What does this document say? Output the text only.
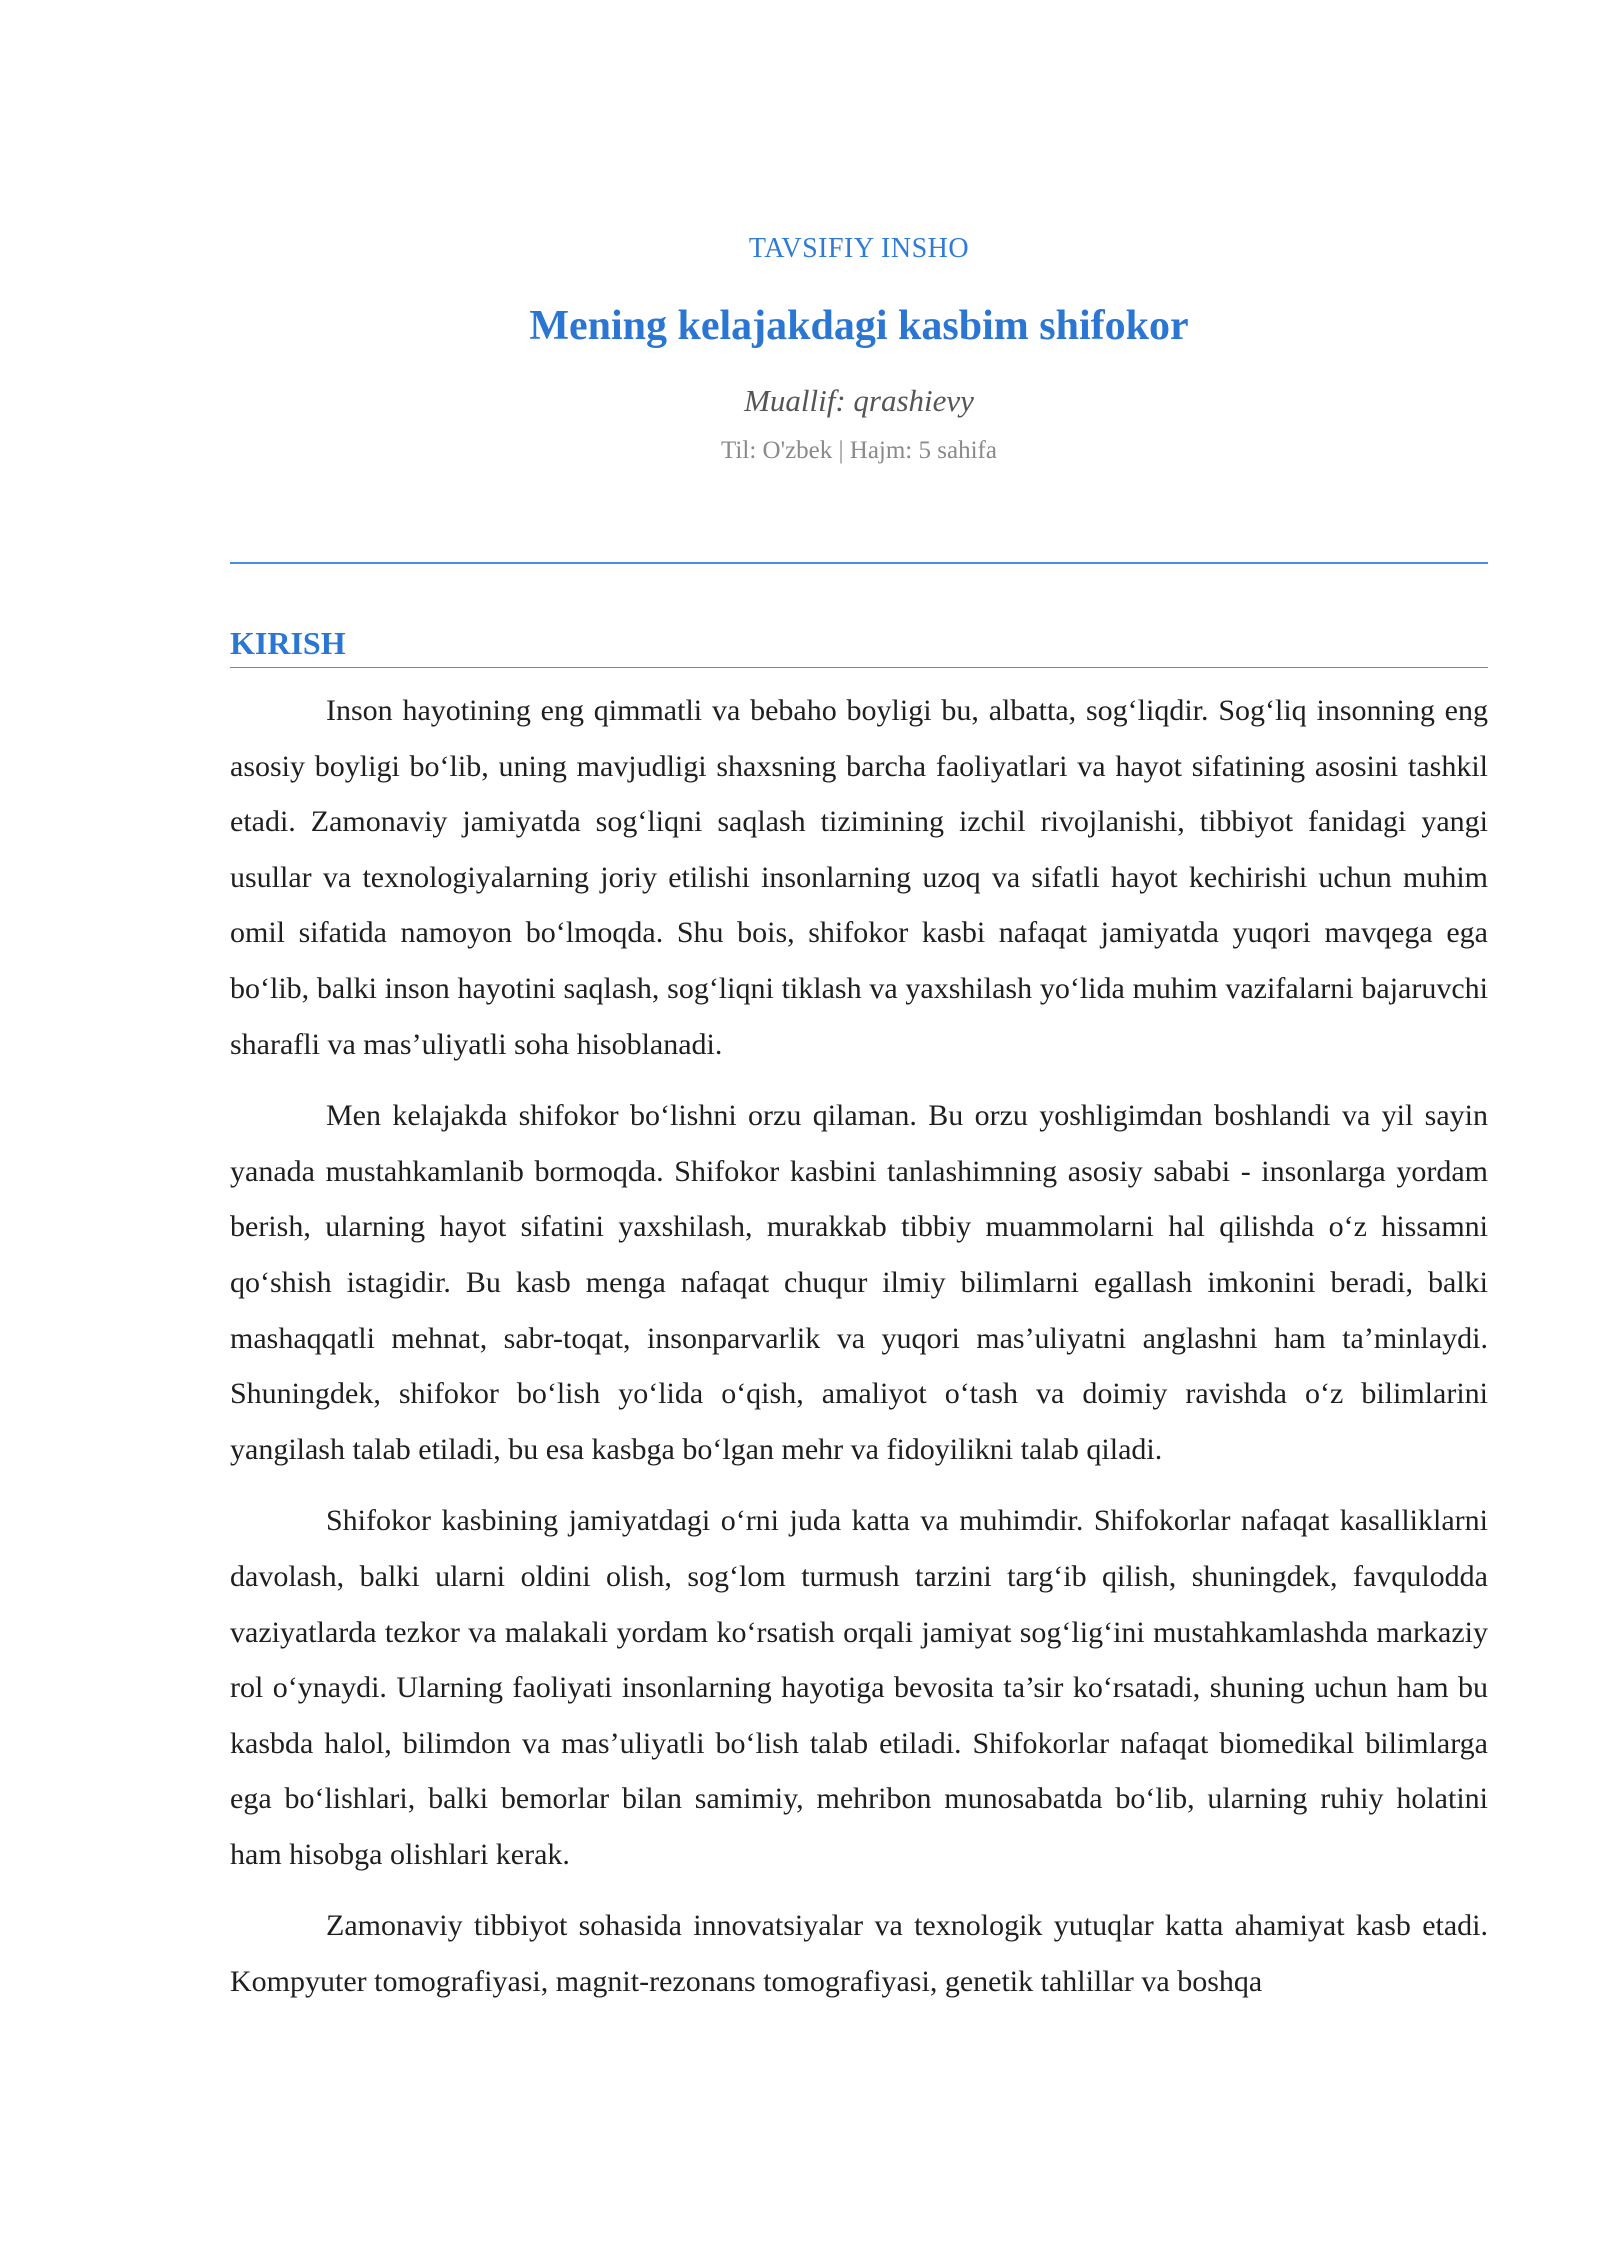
TAVSIFIY INSHO
Mening kelajakdagi kasbim shifokor
Muallif: qrashievy
Til: O'zbek | Hajm: 5 sahifa
KIRISH

Inson hayotining eng qimmatli va bebaho boyligi bu, albatta, sog‘liqdir. Sog‘liq insonning eng asosiy boyligi bo‘lib, uning mavjudligi shaxsning barcha faoliyatlari va hayot sifatining asosini tashkil etadi. Zamonaviy jamiyatda sog‘liqni saqlash tizimining izchil rivojlanishi, tibbiyot fanidagi yangi usullar va texnologiyalarning joriy etilishi insonlarning uzoq va sifatli hayot kechirishi uchun muhim omil sifatida namoyon bo‘lmoqda. Shu bois, shifokor kasbi nafaqat jamiyatda yuqori mavqega ega bo‘lib, balki inson hayotini saqlash, sog‘liqni tiklash va yaxshilash yo‘lida muhim vazifalarni bajaruvchi sharafli va mas’uliyatli soha hisoblanadi.

Men kelajakda shifokor bo‘lishni orzu qilaman. Bu orzu yoshligimdan boshlandi va yil sayin yanada mustahkamlanib bormoqda. Shifokor kasbini tanlashimning asosiy sababi - insonlarga yordam berish, ularning hayot sifatini yaxshilash, murakkab tibbiy muammolarni hal qilishda o‘z hissamni qo‘shish istagidir. Bu kasb menga nafaqat chuqur ilmiy bilimlarni egallash imkonini beradi, balki mashaqqatli mehnat, sabr-toqat, insonparvarlik va yuqori mas’uliyatni anglashni ham ta’minlaydi. Shuningdek, shifokor bo‘lish yo‘lida o‘qish, amaliyot o‘tash va doimiy ravishda o‘z bilimlarini yangilash talab etiladi, bu esa kasbga bo‘lgan mehr va fidoyilikni talab qiladi.

Shifokor kasbining jamiyatdagi o‘rni juda katta va muhimdir. Shifokorlar nafaqat kasalliklarni davolash, balki ularni oldini olish, sog‘lom turmush tarzini targ‘ib qilish, shuningdek, favqulodda vaziyatlarda tezkor va malakali yordam ko‘rsatish orqali jamiyat sog‘lig‘ini mustahkamlashda markaziy rol o‘ynaydi. Ularning faoliyati insonlarning hayotiga bevosita ta’sir ko‘rsatadi, shuning uchun ham bu kasbda halol, bilimdon va mas’uliyatli bo‘lish talab etiladi. Shifokorlar nafaqat biomedikal bilimlarga ega bo‘lishlari, balki bemorlar bilan samimiy, mehribon munosabatda bo‘lib, ularning ruhiy holatini ham hisobga olishlari kerak.

Zamonaviy tibbiyot sohasida innovatsiyalar va texnologik yutuqlar katta ahamiyat kasb etadi. Kompyuter tomografiyasi, magnit-rezonans tomografiyasi, genetik tahlillar va boshqa
